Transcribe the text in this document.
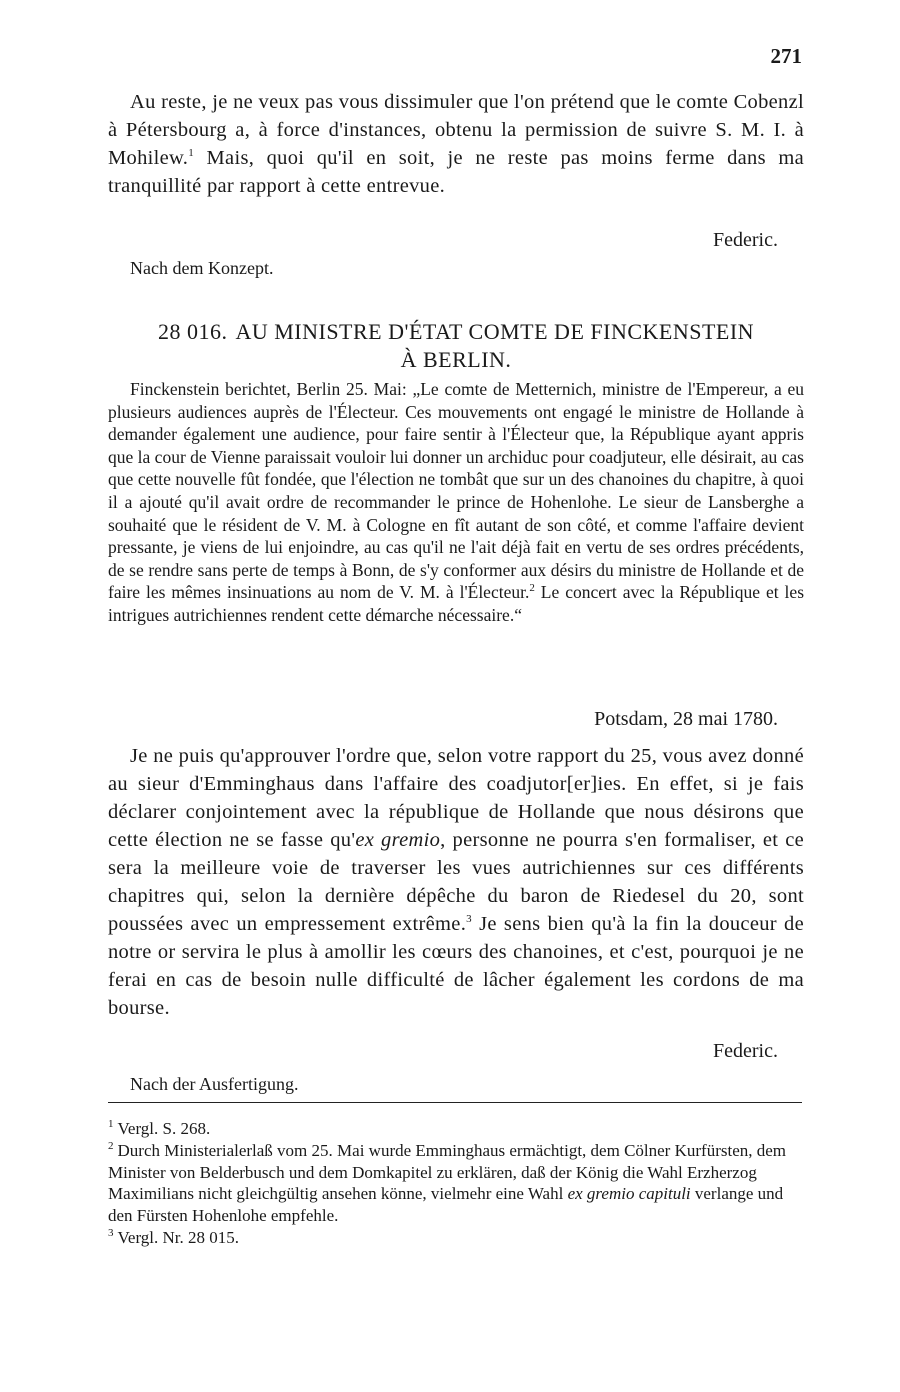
271

Au reste, je ne veux pas vous dissimuler que l'on prétend que le comte Cobenzl à Pétersbourg a, à force d'instances, obtenu la permission de suivre S. M. I. à Mohilew.$^1$ Mais, quoi qu'il en soit, je ne reste pas moins ferme dans ma tranquillité par rapport à cette entrevue.

Federic.
Nach dem Konzept.
28 016. AU MINISTRE D'ÉTAT COMTE DE FINCKENSTEIN
À BERLIN.

Finckenstein berichtet, Berlin 25. Mai: „Le comte de Metternich, ministre de l'Empereur, a eu plusieurs audiences auprès de l'Électeur. Ces mouvements ont engagé le ministre de Hollande à demander également une audience, pour faire sentir à l'Électeur que, la République ayant appris que la cour de Vienne paraissait vouloir lui donner un archiduc pour coadjuteur, elle désirait, au cas que cette nouvelle fût fondée, que l'élection ne tombât que sur un des chanoines du chapitre, à quoi il a ajouté qu'il avait ordre de recommander le prince de Hohenlohe. Le sieur de Lansberghe a souhaité que le résident de V. M. à Cologne en fît autant de son côté, et comme l'affaire devient pressante, je viens de lui enjoindre, au cas qu'il ne l'ait déjà fait en vertu de ses ordres précédents, de se rendre sans perte de temps à Bonn, de s'y conformer aux désirs du ministre de Hollande et de faire les mêmes insinuations au nom de V. M. à l'Électeur.$^2$ Le concert avec la République et les intrigues autrichiennes rendent cette démarche nécessaire.“

Potsdam, 28 mai 1780.

Je ne puis qu'approuver l'ordre que, selon votre rapport du 25, vous avez donné au sieur d'Emminghaus dans l'affaire des coadjutor[er]ies. En effet, si je fais déclarer conjointement avec la république de Hollande que nous désirons que cette élection ne se fasse qu'ex gremio, personne ne pourra s'en formaliser, et ce sera la meilleure voie de traverser les vues autrichiennes sur ces différents chapitres qui, selon la dernière dépêche du baron de Riedesel du 20, sont poussées avec un empressement extrême.$^3$ Je sens bien qu'à la fin la douceur de notre or servira le plus à amollir les cœurs des chanoines, et c'est, pourquoi je ne ferai en cas de besoin nulle difficulté de lâcher également les cordons de ma bourse.

Federic.
Nach der Ausfertigung.

1 Vergl. S. 268.

2 Durch Ministerialerlaß vom 25. Mai wurde Emminghaus ermächtigt, dem Cölner Kurfürsten, dem Minister von Belderbusch und dem Domkapitel zu erklären, daß der König die Wahl Erzherzog Maximilians nicht gleichgültig ansehen könne, vielmehr eine Wahl ex gremio capituli verlange und den Fürsten Hohenlohe empfehle.

3 Vergl. Nr. 28 015.
